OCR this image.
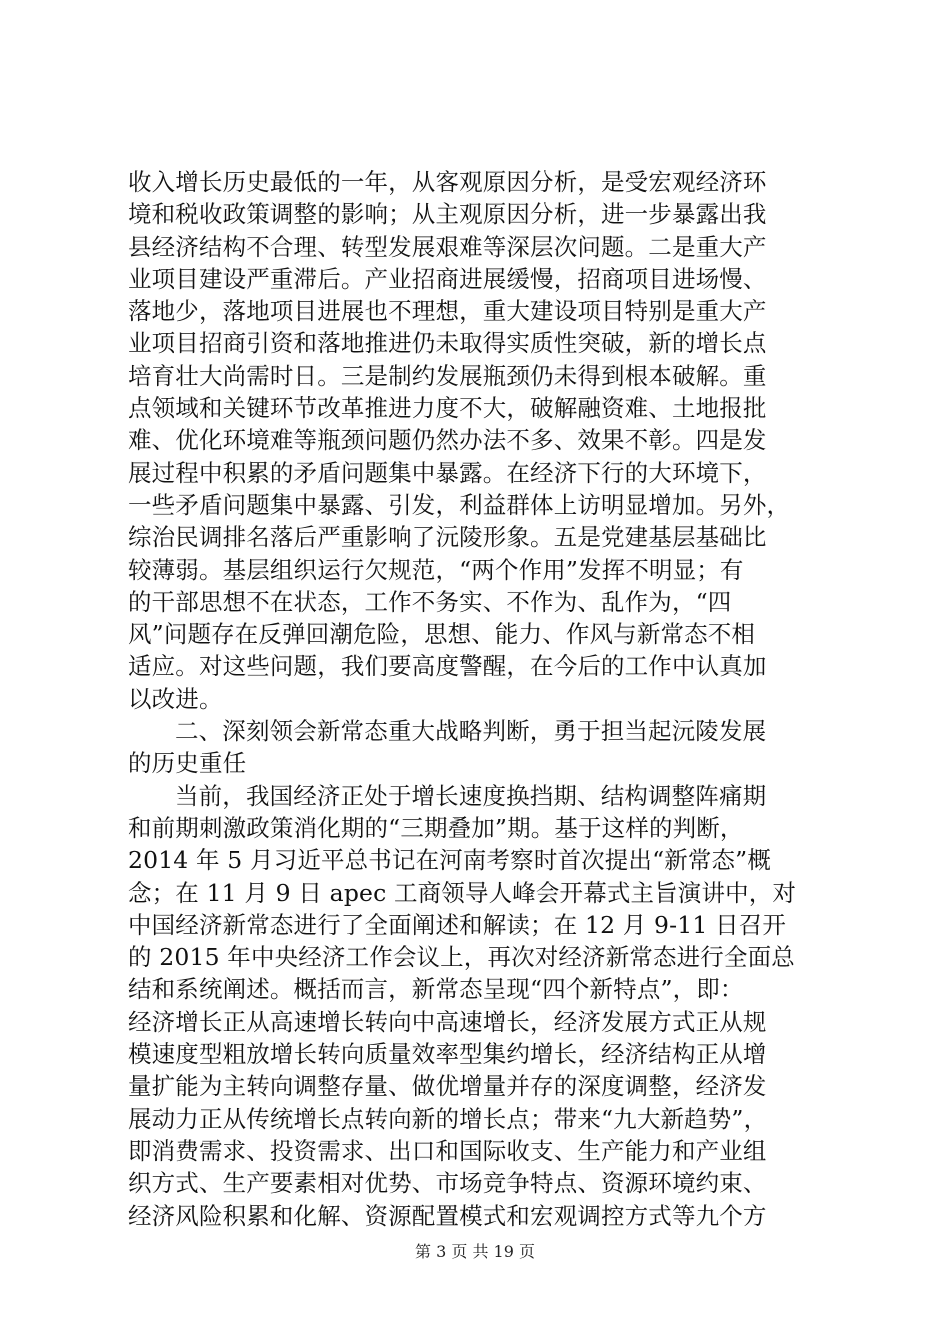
收入增长历史最低的一年，从客观原因分析，是受宏观经济环
境和税收政策调整的影响；从主观原因分析，进一步暴露出我
县经济结构不合理、转型发展艰难等深层次问题。二是重大产
业项目建设严重滞后。产业招商进展缓慢，招商项目进场慢、
落地少，落地项目进展也不理想，重大建设项目特别是重大产
业项目招商引资和落地推进仍未取得实质性突破，新的增长点
培育壮大尚需时日。三是制约发展瓶颈仍未得到根本破解。重
点领域和关键环节改革推进力度不大，破解融资难、土地报批
难、优化环境难等瓶颈问题仍然办法不多、效果不彰。四是发
展过程中积累的矛盾问题集中暴露。在经济下行的大环境下，
一些矛盾问题集中暴露、引发，利益群体上访明显增加。另外，
综治民调排名落后严重影响了沅陵形象。五是党建基层基础比
较薄弱。基层组织运行欠规范，“两个作用”发挥不明显；有
的干部思想不在状态，工作不务实、不作为、乱作为，“四
风”问题存在反弹回潮危险，思想、能力、作风与新常态不相
适应。对这些问题，我们要高度警醒，在今后的工作中认真加
以改进。
二、深刻领会新常态重大战略判断，勇于担当起沅陵发展
的历史重任
当前，我国经济正处于增长速度换挡期、结构调整阵痛期
和前期刺激政策消化期的“三期叠加”期。基于这样的判断，
2014 年 5 月习近平总书记在河南考察时首次提出“新常态”概
念；在 11 月 9 日 apec 工商领导人峰会开幕式主旨演讲中，对
中国经济新常态进行了全面阐述和解读；在 12 月 9-11 日召开
的 2015 年中央经济工作会议上，再次对经济新常态进行全面总
结和系统阐述。概括而言，新常态呈现“四个新特点”，即：
经济增长正从高速增长转向中高速增长，经济发展方式正从规
模速度型粗放增长转向质量效率型集约增长，经济结构正从增
量扩能为主转向调整存量、做优增量并存的深度调整，经济发
展动力正从传统增长点转向新的增长点；带来“九大新趋势”，
即消费需求、投资需求、出口和国际收支、生产能力和产业组
织方式、生产要素相对优势、市场竞争特点、资源环境约束、
经济风险积累和化解、资源配置模式和宏观调控方式等九个方
第 3 页 共 19 页
